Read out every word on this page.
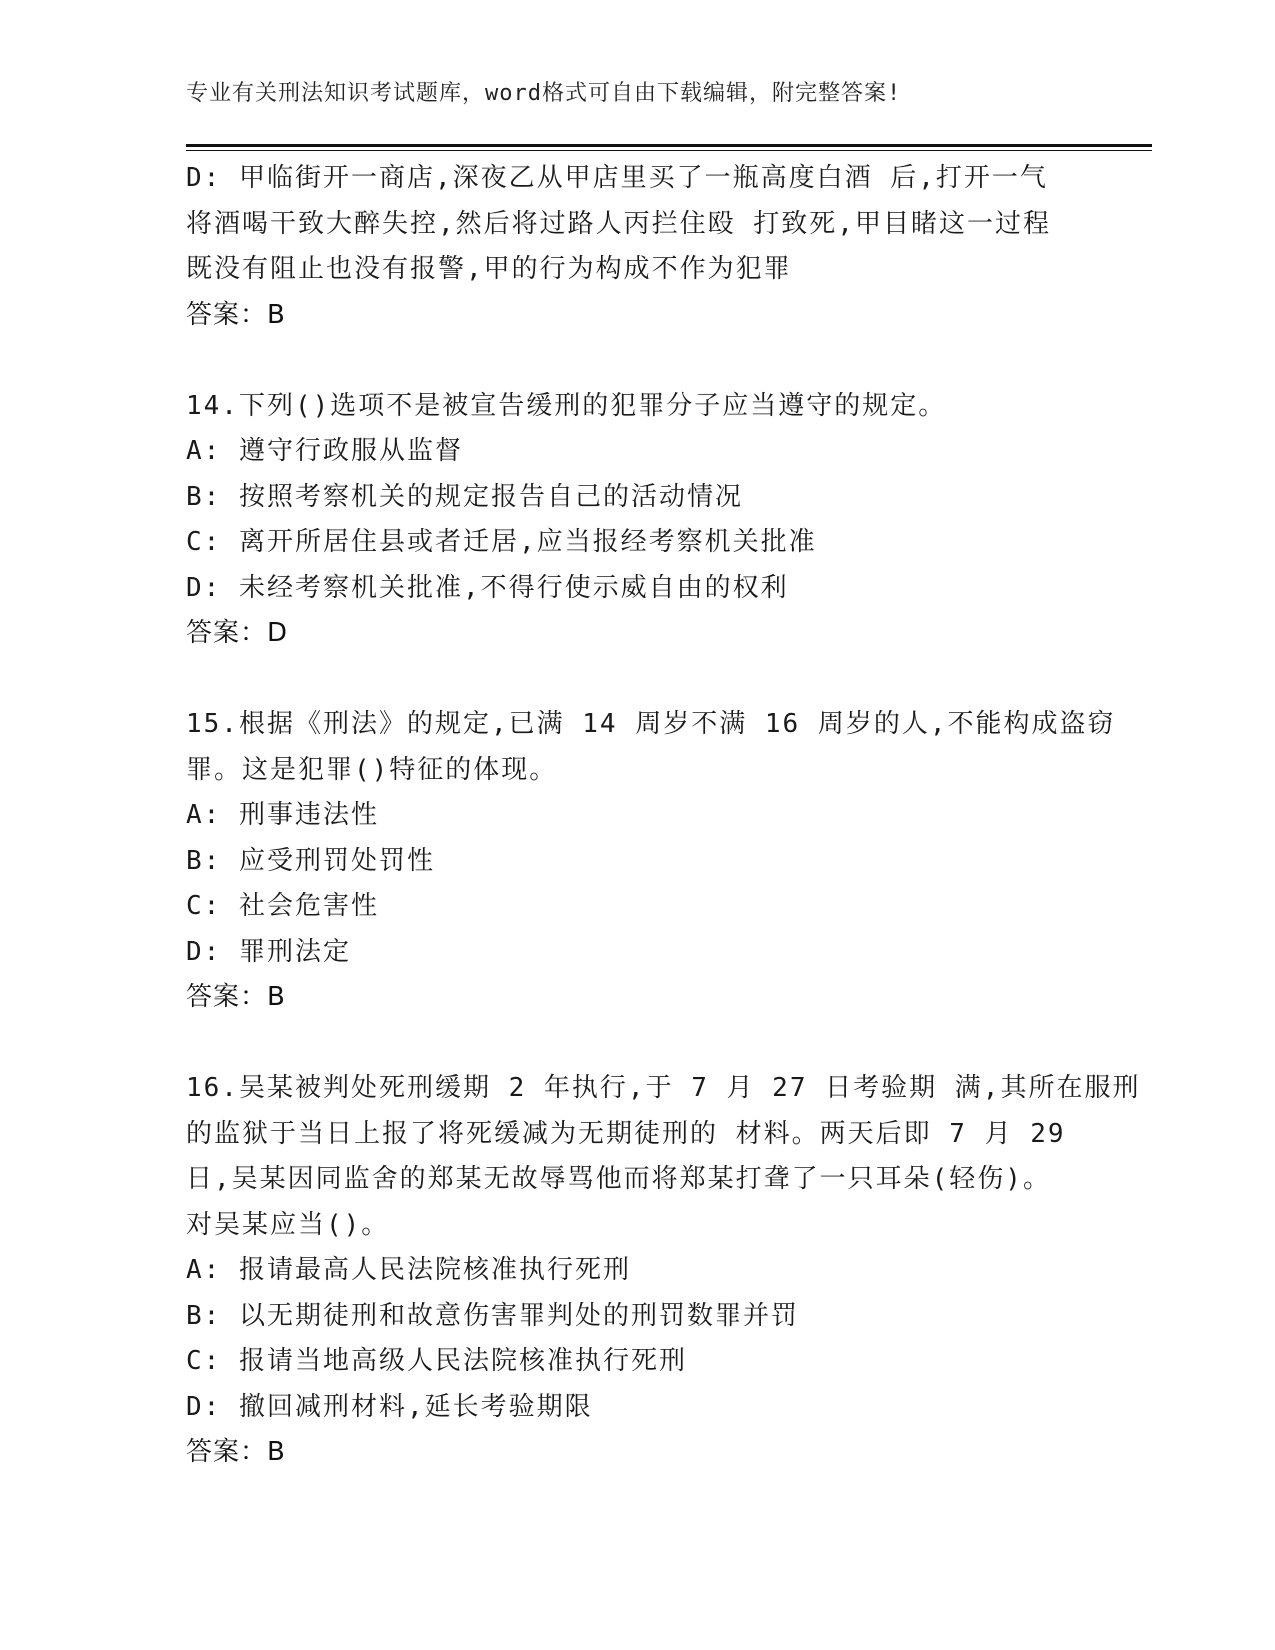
专业有关刑法知识考试题库，word格式可自由下载编辑，附完整答案!
D: 甲临街开一商店,深夜乙从甲店里买了一瓶高度白酒 后,打开一气
将酒喝干致大醉失控,然后将过路人丙拦住殴 打致死,甲目睹这一过程
既没有阻止也没有报警,甲的行为构成不作为犯罪
答案：B
14.下列()选项不是被宣告缓刑的犯罪分子应当遵守的规定。
A: 遵守行政服从监督
B: 按照考察机关的规定报告自己的活动情况
C: 离开所居住县或者迁居,应当报经考察机关批准
D: 未经考察机关批准,不得行使示威自由的权利
答案：D
15.根据《刑法》的规定,已满 14 周岁不满 16 周岁的人,不能构成盗窃
罪。这是犯罪()特征的体现。
A: 刑事违法性
B: 应受刑罚处罚性
C: 社会危害性
D: 罪刑法定
答案：B
16.吴某被判处死刑缓期 2 年执行,于 7 月 27 日考验期 满,其所在服刑
的监狱于当日上报了将死缓减为无期徒刑的 材料。两天后即 7 月 29
日,吴某因同监舍的郑某无故辱骂他而将郑某打聋了一只耳朵(轻伤)。
对吴某应当()。
A: 报请最高人民法院核准执行死刑
B: 以无期徒刑和故意伤害罪判处的刑罚数罪并罚
C: 报请当地高级人民法院核准执行死刑
D: 撤回减刑材料,延长考验期限
答案：B
